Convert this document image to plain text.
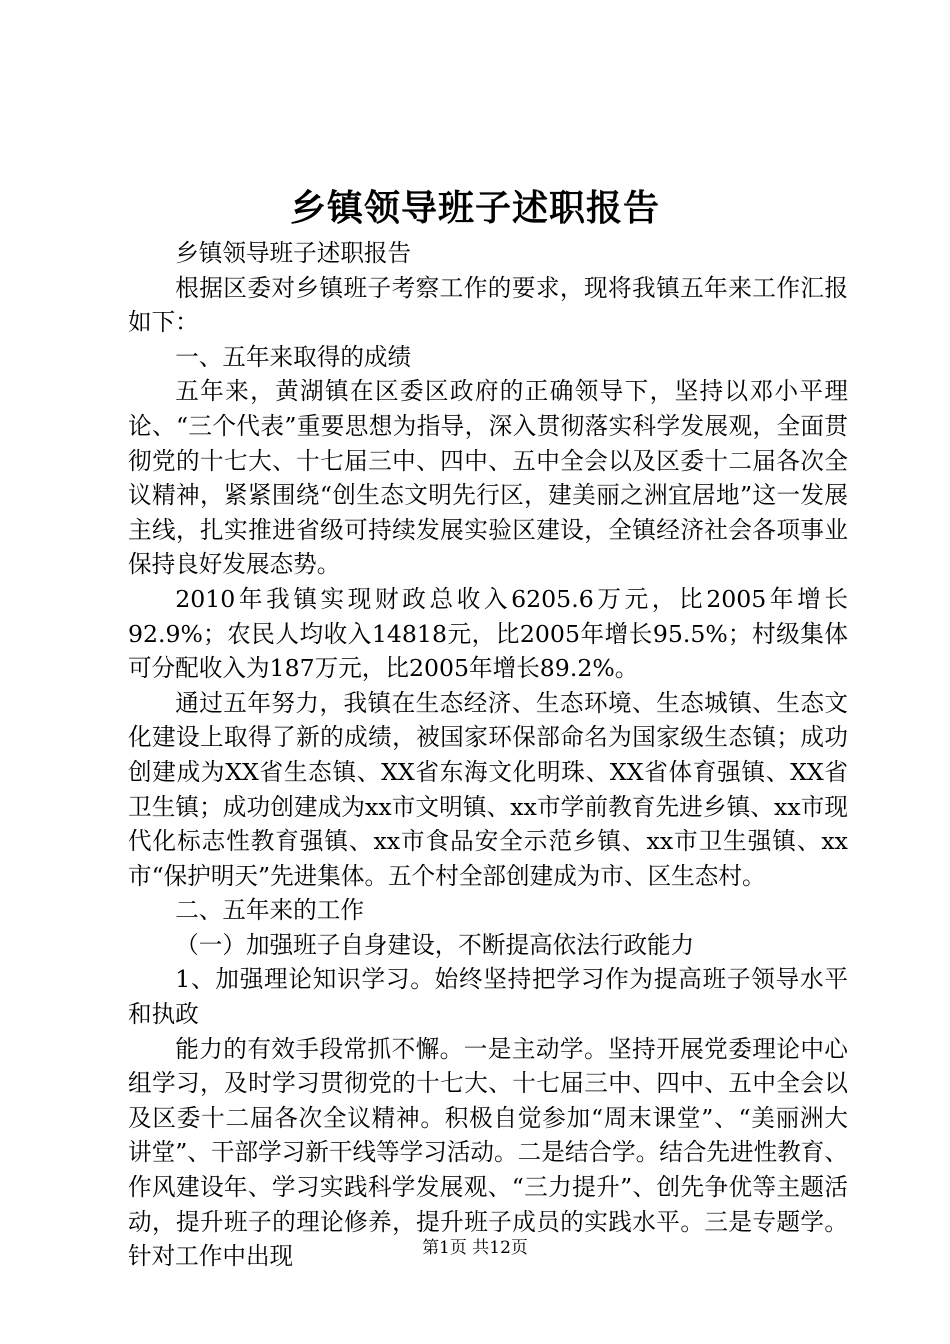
乡镇领导班子述职报告

乡镇领导班子述职报告

根据区委对乡镇班子考察工作的要求，现将我镇五年来工作汇报如下：

一、五年来取得的成绩

五年来，黄湖镇在区委区政府的正确领导下，坚持以邓小平理论、“三个代表”重要思想为指导，深入贯彻落实科学发展观，全面贯彻党的十七大、十七届三中、四中、五中全会以及区委十二届各次全议精神，紧紧围绕“创生态文明先行区，建美丽之洲宜居地”这一发展主线，扎实推进省级可持续发展实验区建设，全镇经济社会各项事业保持良好发展态势。

2010年我镇实现财政总收入6205.6万元，比2005年增长92.9%；农民人均收入14818元，比2005年增长95.5%；村级集体可分配收入为187万元，比2005年增长89.2%。

通过五年努力，我镇在生态经济、生态环境、生态城镇、生态文化建设上取得了新的成绩，被国家环保部命名为国家级生态镇；成功创建成为XX省生态镇、XX省东海文化明珠、XX省体育强镇、XX省卫生镇；成功创建成为xx市文明镇、xx市学前教育先进乡镇、xx市现代化标志性教育强镇、xx市食品安全示范乡镇、xx市卫生强镇、xx市“保护明天”先进集体。五个村全部创建成为市、区生态村。

二、五年来的工作

（一）加强班子自身建设，不断提高依法行政能力

1、加强理论知识学习。始终坚持把学习作为提高班子领导水平和执政

能力的有效手段常抓不懈。一是主动学。坚持开展党委理论中心组学习，及时学习贯彻党的十七大、十七届三中、四中、五中全会以及区委十二届各次全议精神。积极自觉参加“周末课堂”、“美丽洲大讲堂”、干部学习新干线等学习活动。二是结合学。结合先进性教育、作风建设年、学习实践科学发展观、“三力提升”、创先争优等主题活动，提升班子的理论修养，提升班子成员的实践水平。三是专题学。针对工作中出现	第1页 共12页
